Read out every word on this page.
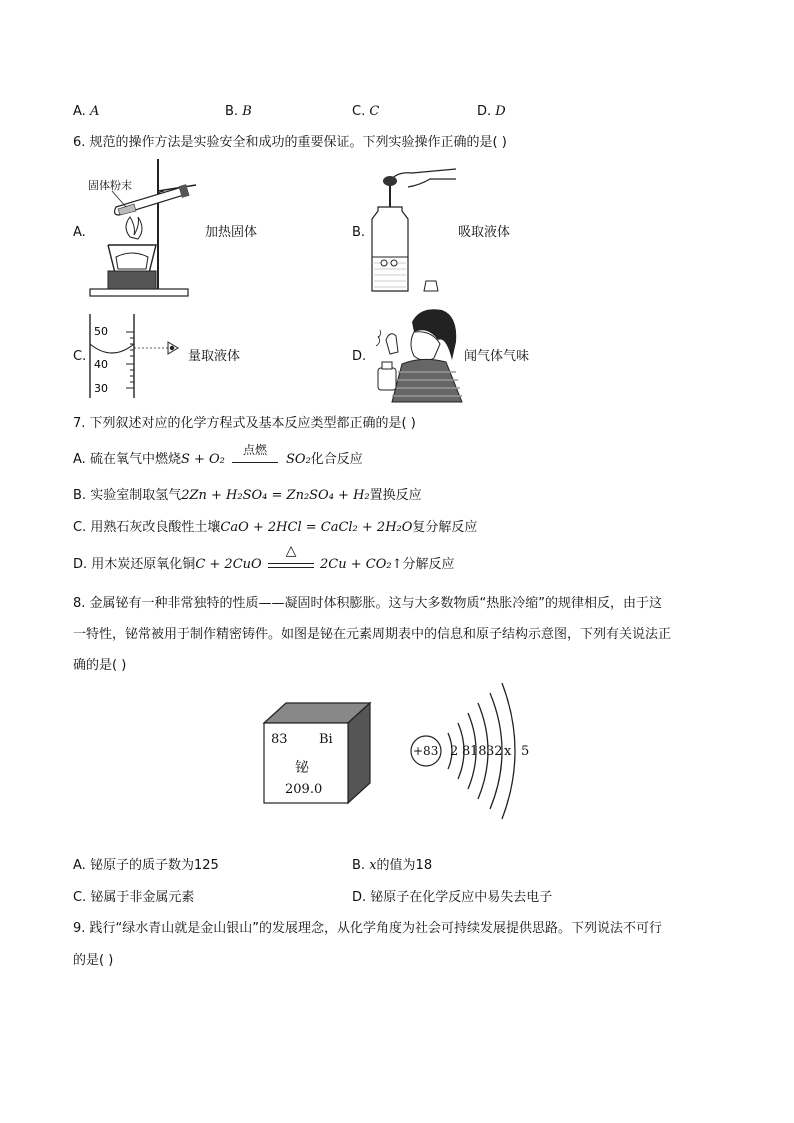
A. A	B. B	C. C	D. D
6. 规范的操作方法是实验安全和成功的重要保证。下列实验操作正确的是( )
A.
固体粉末
加热固体	B.	吸取液体
C.
50
40
30
量取液体	D.	闻气体气味
7. 下列叙述对应的化学方程式及基本反应类型都正确的是( )
A. 硫在氧气中燃烧S + O₂
点燃
SO₂化合反应
B. 实验室制取氢气2Zn + H₂SO₄ = Zn₂SO₄ + H₂置换反应
C. 用熟石灰改良酸性土壤CaO + 2HCl = CaCl₂ + 2H₂O复分解反应
D. 用木炭还原氧化铜C + 2CuO
△
2Cu + CO₂↑分解反应
8. 金属铋有一种非常独特的性质——凝固时体积膨胀。这与大多数物质“热胀冷缩”的规律相反，由于这
一特性，铋常被用于制作精密铸件。如图是铋在元素周期表中的信息和原子结构示意图，下列有关说法正
确的是( )
83 Bi
铋
209.0
+83 2 8 18 32 x 5
A. 铋原子的质子数为125	B. x的值为18
C. 铋属于非金属元素	D. 铋原子在化学反应中易失去电子
9. 践行“绿水青山就是金山银山”的发展理念，从化学角度为社会可持续发展提供思路。下列说法不可行
的是( )
